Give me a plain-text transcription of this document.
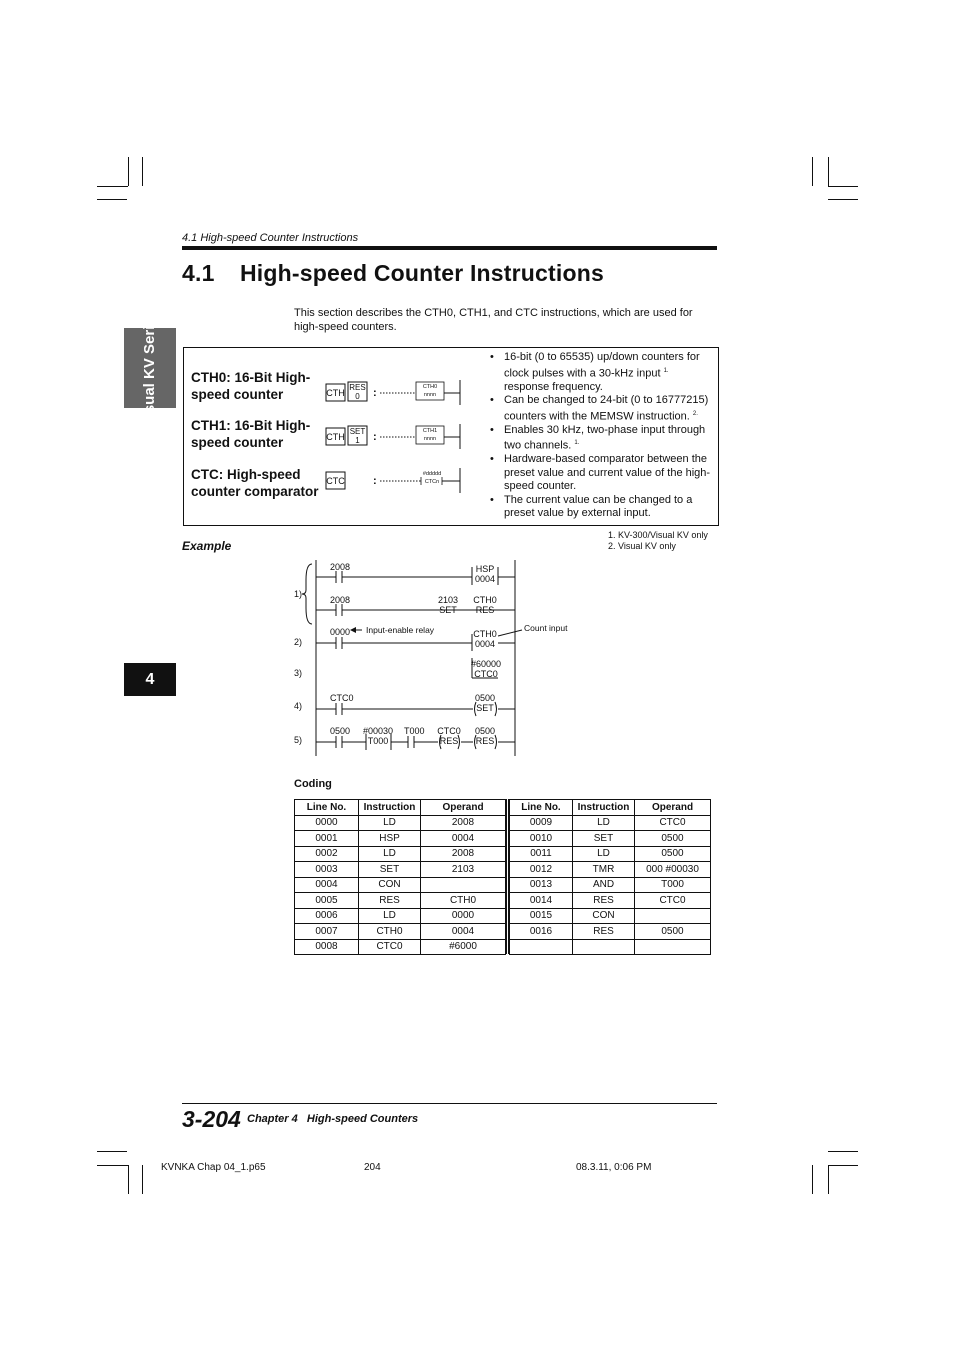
4.1 High-speed Counter Instructions
4.1 High-speed Counter Instructions
This section describes the CTH0, CTH1, and CTC instructions, which are used for high-speed counters.
Visual KV Series
4
CTH0: 16-Bit High-speed counter
CTH1: 16-Bit High-speed counter
CTC: High-speed counter comparator
CTH
RES
0 :	CTH0
nnnn
CTH
SET
1 :	CTH1
nnnn
CTC	:
#ddddd
CTCn
• 16-bit (0 to 65535) up/down counters for clock pulses with a 30-kHz input $^{1.}$ response frequency.
• Can be changed to 24-bit (0 to 16777215) counters with the MEMSW instruction. $^{2.}$
• Enables 30 kHz, two-phase input through two channels. $^{1.}$
• Hardware-based comparator between the preset value and current value of the high-speed counter.
• The current value can be changed to a preset value by external input.
1. KV-300/Visual KV only
2. Visual KV only
Example
1)
2)
3)
4)
5)
2008	HSP
0004
2008	2103
SET
CTH0
RES
0000 Input-enable relay	CTH0
0004
Count input
#60000
CTC0
CTC0	0500
SET
0500 #00030
T000
T000 CTC0
RES
0500
RES
Coding
Line No.	Instruction	Operand
0000	LD	2008
0001	HSP	0004
0002	LD	2008
0003	SET	2103
0004	CON	
0005	RES	CTH0
0006	LD	0000
0007	CTH0	0004
0008	CTC0	#6000
Line No.	Instruction	Operand
0009	LD	CTC0
0010	SET	0500
0011	LD	0500
0012	TMR	000 #00030
0013	AND	T000
0014	RES	CTC0
0015	CON	
0016	RES	0500

3-204 Chapter 4   High-speed Counters
KVNKA Chap 04_1.p65	204	08.3.11, 0:06 PM
